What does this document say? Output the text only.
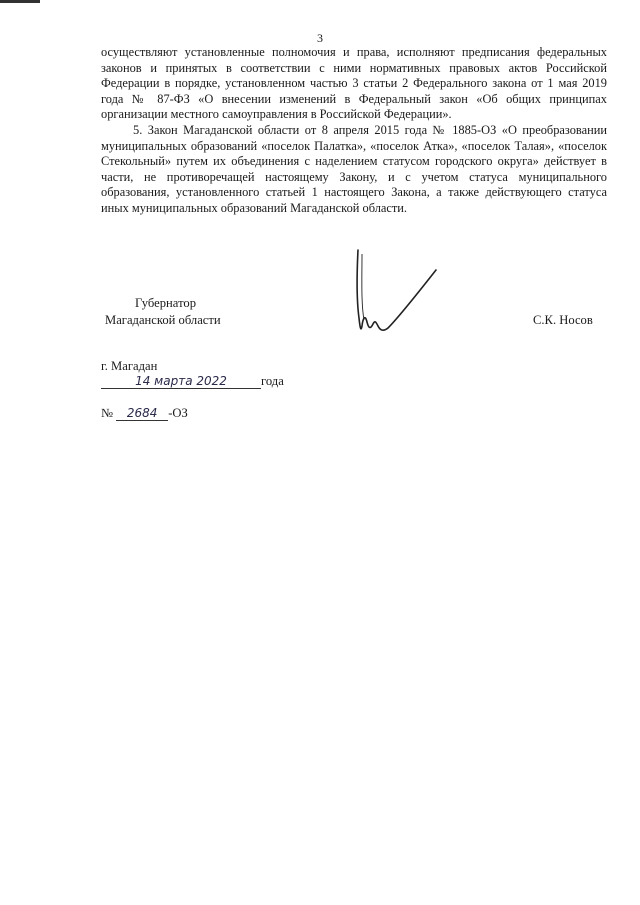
3

осуществляют установленные полномочия и права, исполняют предписания федеральных законов и принятых в соответствии с ними нормативных правовых актов Российской Федерации в порядке, установленном частью 3 статьи 2 Федерального закона от 1 мая 2019 года № 87-ФЗ «О внесении изменений в Федеральный закон «Об общих принципах организации местного самоуправления в Российской Федерации».

5. Закон Магаданской области от 8 апреля 2015 года № 1885-ОЗ «О преобразовании муниципальных образований «поселок Палатка», «поселок Атка», «поселок Талая», «поселок Стекольный» путем их объединения с наделением статусом городского округа» действует в части, не противоречащей настоящему Закону, и с учетом статуса муниципального образования, установленного статьей 1 настоящего Закона, а также действующего статуса иных муниципальных образований Магаданской области.

Губернатор
Магаданской области	С.К. Носов
г. Магадан
14 марта 2022	года
№ 2684 -ОЗ
